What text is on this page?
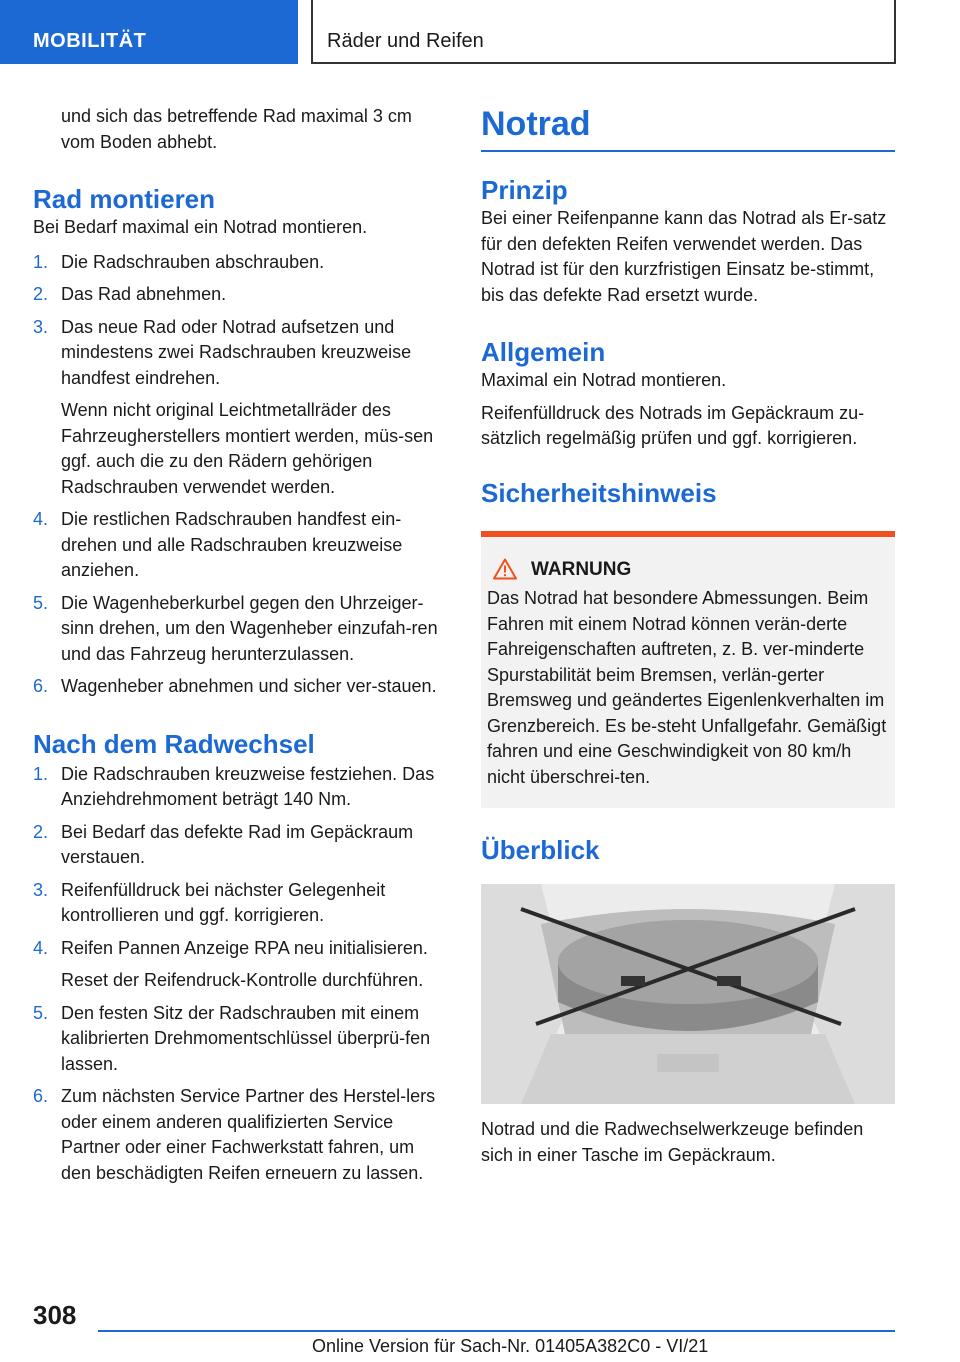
MOBILITÄT	Räder und Reifen

und sich das betreffende Rad maximal 3 cm vom Boden abhebt.

Rad montieren

Bei Bedarf maximal ein Notrad montieren.

1. Die Radschrauben abschrauben.
2. Das Rad abnehmen.
3. Das neue Rad oder Notrad aufsetzen und mindestens zwei Radschrauben kreuzweise handfest eindrehen.

Wenn nicht original Leichtmetallräder des Fahrzeugherstellers montiert werden, müs-sen ggf. auch die zu den Rädern gehörigen Radschrauben verwendet werden.

4. Die restlichen Radschrauben handfest ein-drehen und alle Radschrauben kreuzweise anziehen.
5. Die Wagenheberkurbel gegen den Uhrzeiger-sinn drehen, um den Wagenheber einzufah-ren und das Fahrzeug herunterzulassen.
6. Wagenheber abnehmen und sicher ver-stauen.
Nach dem Radwechsel
1. Die Radschrauben kreuzweise festziehen. Das Anziehdrehmoment beträgt 140 Nm.
2. Bei Bedarf das defekte Rad im Gepäckraum verstauen.
3. Reifenfülldruck bei nächster Gelegenheit kontrollieren und ggf. korrigieren.
4. Reifen Pannen Anzeige RPA neu initialisieren.

Reset der Reifendruck-Kontrolle durchführen.

5. Den festen Sitz der Radschrauben mit einem kalibrierten Drehmomentschlüssel überprü-fen lassen.
6. Zum nächsten Service Partner des Herstel-lers oder einem anderen qualifizierten Service Partner oder einer Fachwerkstatt fahren, um den beschädigten Reifen erneuern zu lassen.
Notrad
Prinzip

Bei einer Reifenpanne kann das Notrad als Er-satz für den defekten Reifen verwendet werden. Das Notrad ist für den kurzfristigen Einsatz be-stimmt, bis das defekte Rad ersetzt wurde.

Allgemein

Maximal ein Notrad montieren.

Reifenfülldruck des Notrads im Gepäckraum zu-sätzlich regelmäßig prüfen und ggf. korrigieren.

Sicherheitshinweis
WARNUNG

Das Notrad hat besondere Abmessungen. Beim Fahren mit einem Notrad können verän-derte Fahreigenschaften auftreten, z. B. ver-minderte Spurstabilität beim Bremsen, verlän-gerter Bremsweg und geändertes Eigenlenkverhalten im Grenzbereich. Es be-steht Unfallgefahr. Gemäßigt fahren und eine Geschwindigkeit von 80 km/h nicht überschrei-ten.

Überblick

Notrad und die Radwechselwerkzeuge befinden sich in einer Tasche im Gepäckraum.

308
Online Version für Sach-Nr. 01405A382C0 - VI/21
